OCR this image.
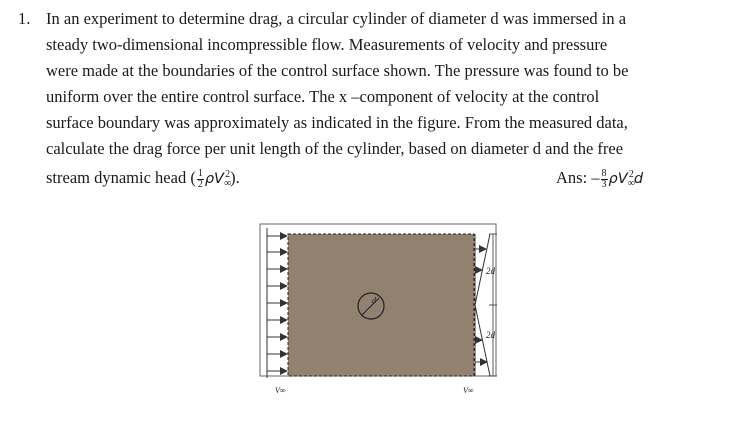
1. In an experiment to determine drag, a circular cylinder of diameter d was immersed in a
steady two-dimensional incompressible flow. Measurements of velocity and pressure
were made at the boundaries of the control surface shown. The pressure was found to be
uniform over the entire control surface. The x –component of velocity at the control
surface boundary was approximately as indicated in the figure. From the measured data,
calculate the drag force per unit length of the cylinder, based on diameter d and the free
stream dynamic head ( $\frac{1}{2} \rho V_\infty^2$).	Ans: – $\frac{8}{3} \rho V_\infty^2d$
d
2d
2d
V∞	V∞
